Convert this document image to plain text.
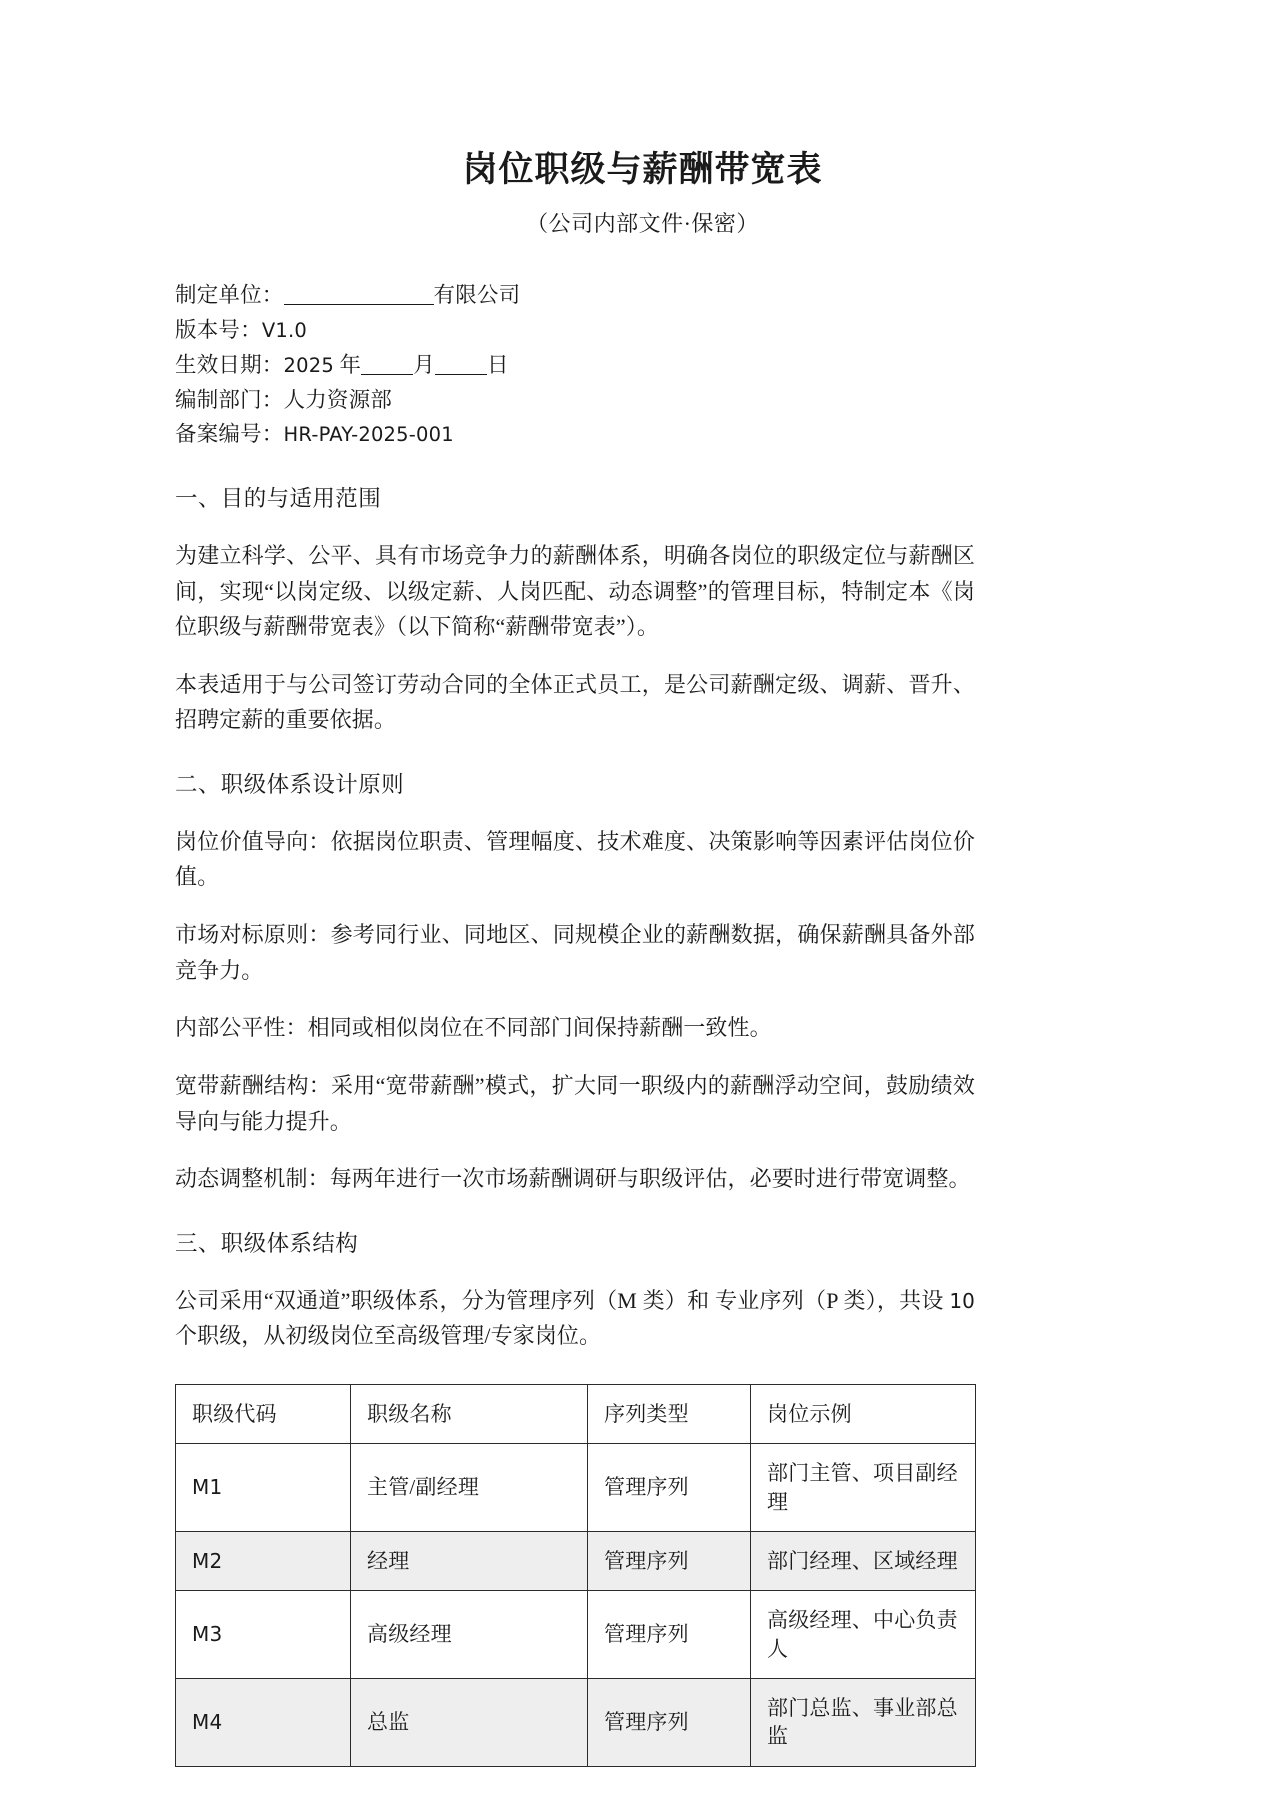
岗位职级与薪酬带宽表
（公司内部文件·保密）
制定单位：	有限公司
版本号：V1.0
生效日期：2025 年 月 日
编制部门：人力资源部
备案编号：HR-PAY-2025-001
一、目的与适用范围

为建立科学、公平、具有市场竞争力的薪酬体系，明确各岗位的职级定位与薪酬区间，实现“以岗定级、以级定薪、人岗匹配、动态调整”的管理目标，特制定本《岗位职级与薪酬带宽表》（以下简称“薪酬带宽表”）。

本表适用于与公司签订劳动合同的全体正式员工，是公司薪酬定级、调薪、晋升、招聘定薪的重要依据。

二、职级体系设计原则

岗位价值导向：依据岗位职责、管理幅度、技术难度、决策影响等因素评估岗位价值。

市场对标原则：参考同行业、同地区、同规模企业的薪酬数据，确保薪酬具备外部竞争力。

内部公平性：相同或相似岗位在不同部门间保持薪酬一致性。

宽带薪酬结构：采用“宽带薪酬”模式，扩大同一职级内的薪酬浮动空间，鼓励绩效导向与能力提升。

动态调整机制：每两年进行一次市场薪酬调研与职级评估，必要时进行带宽调整。

三、职级体系结构

公司采用“双通道”职级体系，分为管理序列（M 类）和 专业序列（P 类），共设 10 个职级，从初级岗位至高级管理/专家岗位。

职级代码	职级名称	序列类型	岗位示例
M1	主管/副经理	管理序列	部门主管、项目副经理
M2	经理	管理序列	部门经理、区域经理
M3	高级经理	管理序列	高级经理、中心负责人
M4	总监	管理序列	部门总监、事业部总监
